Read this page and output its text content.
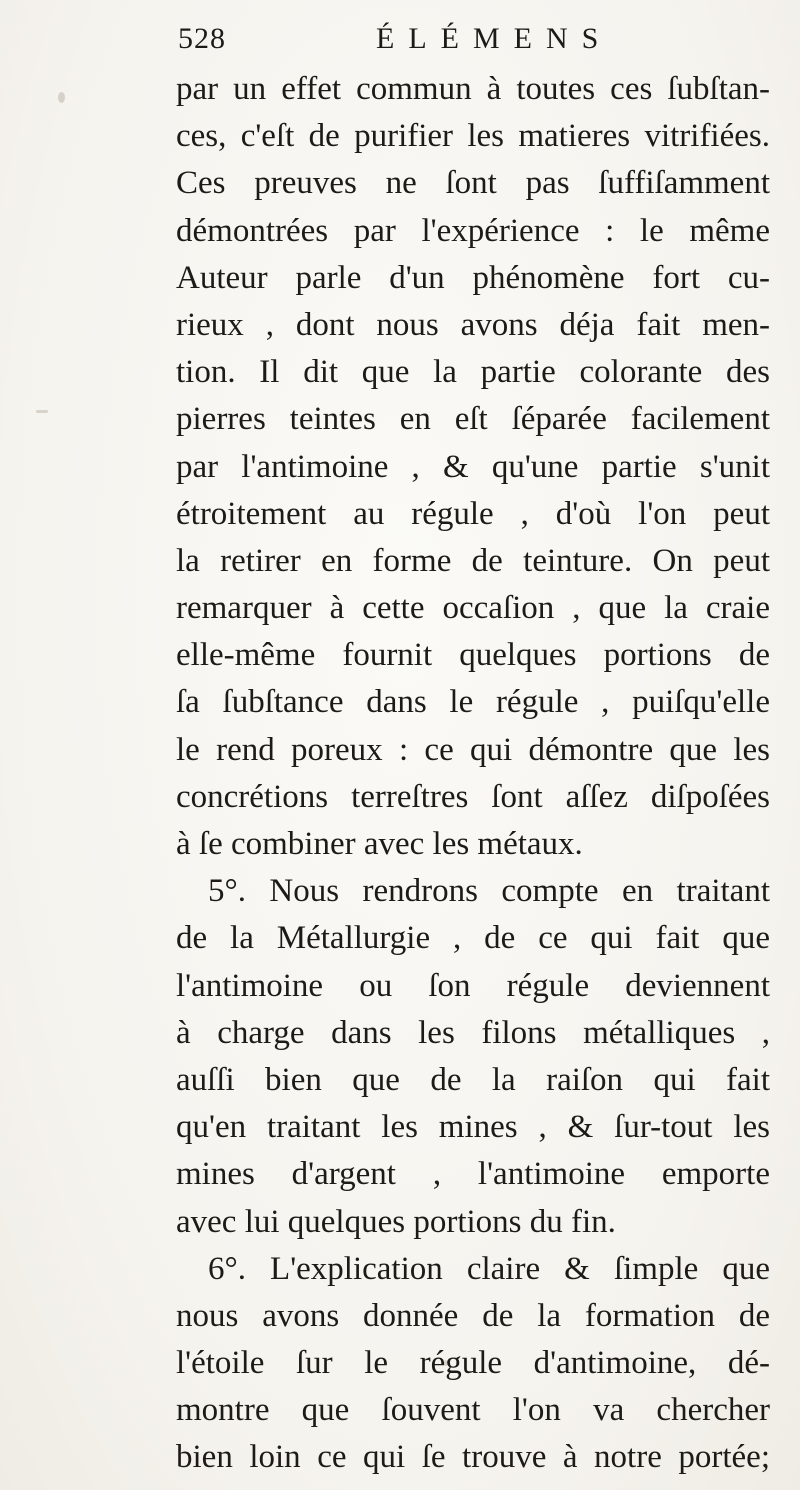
528	ÉLÉMENS
par un effet commun à toutes ces ſubſtan-
ces, c'eſt de purifier les matieres vitrifiées.
Ces preuves ne ſont pas ſuffiſamment
démontrées par l'expérience : le même
Auteur parle d'un phénomène fort cu-
rieux , dont nous avons déja fait men-
tion. Il dit que la partie colorante des
pierres teintes en eſt ſéparée facilement
par l'antimoine , & qu'une partie s'unit
étroitement au régule , d'où l'on peut
la retirer en forme de teinture. On peut
remarquer à cette occaſion , que la craie
elle-même fournit quelques portions de
ſa ſubſtance dans le régule , puiſqu'elle
le rend poreux : ce qui démontre que les
concrétions terreſtres ſont aſſez diſpoſées
à ſe combiner avec les métaux.
5°. Nous rendrons compte en traitant
de la Métallurgie , de ce qui fait que
l'antimoine ou ſon régule deviennent
à charge dans les filons métalliques ,
auſſi bien que de la raiſon qui fait
qu'en traitant les mines , & ſur-tout les
mines d'argent , l'antimoine emporte
avec lui quelques portions du fin.
6°. L'explication claire & ſimple que
nous avons donnée de la formation de
l'étoile ſur le régule d'antimoine, dé-
montre que ſouvent l'on va chercher
bien loin ce qui ſe trouve à notre portée;
